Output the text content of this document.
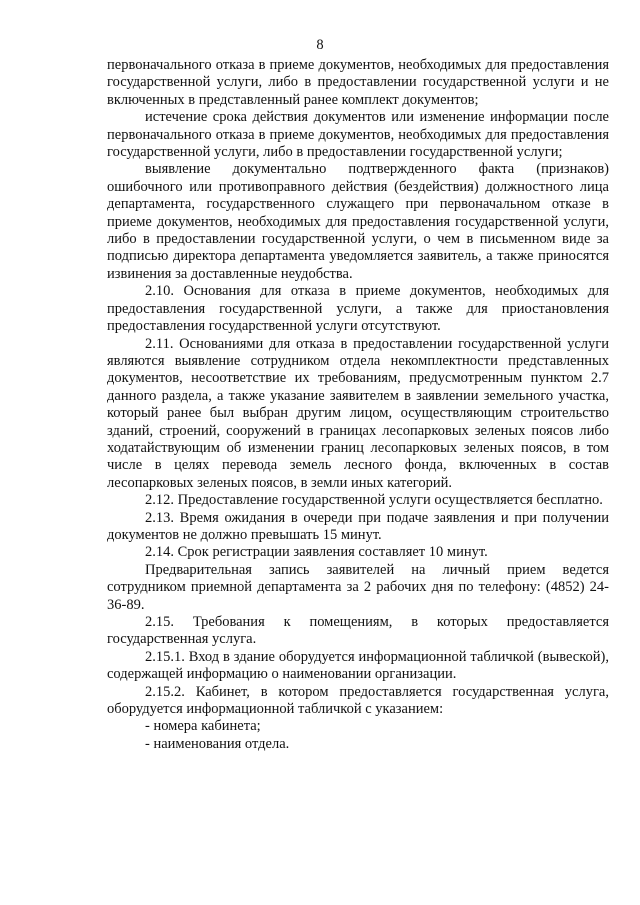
8

первоначального отказа в приеме документов, необходимых для предоставления государственной услуги, либо в предоставлении государственной услуги и не включенных в представленный ранее комплект документов;

истечение срока действия документов или изменение информации после первоначального отказа в приеме документов, необходимых для предоставления государственной услуги, либо в предоставлении государственной услуги;

выявление документально подтвержденного факта (признаков) ошибочного или противоправного действия (бездействия) должностного лица департамента, государственного служащего при первоначальном отказе в приеме документов, необходимых для предоставления государственной услуги, либо в предоставлении государственной услуги, о чем в письменном виде за подписью директора департамента уведомляется заявитель, а также приносятся извинения за доставленные неудобства.

2.10. Основания для отказа в приеме документов, необходимых для предоставления государственной услуги, а также для приостановления предоставления государственной услуги отсутствуют.

2.11. Основаниями для отказа в предоставлении государственной услуги являются выявление сотрудником отдела некомплектности представленных документов, несоответствие их требованиям, предусмотренным пунктом 2.7 данного раздела, а также указание заявителем в заявлении земельного участка, который ранее был выбран другим лицом, осуществляющим строительство зданий, строений, сооружений в границах лесопарковых зеленых поясов либо ходатайствующим об изменении границ лесопарковых зеленых поясов, в том числе в целях перевода земель лесного фонда, включенных в состав лесопарковых зеленых поясов, в земли иных категорий.

2.12. Предоставление государственной услуги осуществляется бесплатно.

2.13. Время ожидания в очереди при подаче заявления и при получении документов не должно превышать 15 минут.

2.14. Срок регистрации заявления составляет 10 минут.

Предварительная запись заявителей на личный прием ведется сотрудником приемной департамента за 2 рабочих дня по телефону: (4852) 24-36-89.

2.15. Требования к помещениям, в которых предоставляется государственная услуга.

2.15.1. Вход в здание оборудуется информационной табличкой (вывеской), содержащей информацию о наименовании организации.

2.15.2. Кабинет, в котором предоставляется государственная услуга, оборудуется информационной табличкой с указанием:

- номера кабинета;

- наименования отдела.
